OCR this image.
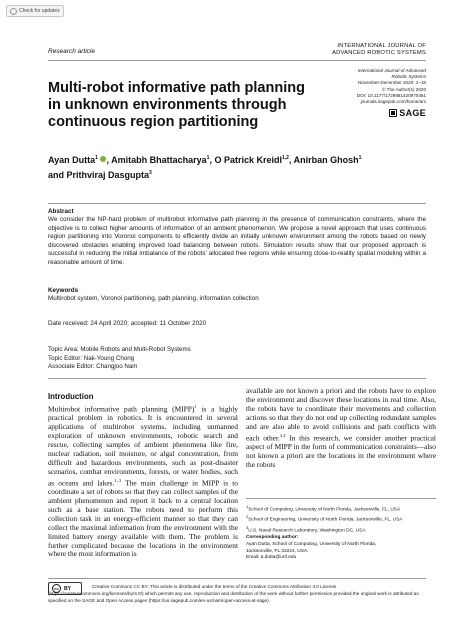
Check for updates
Research article
INTERNATIONAL JOURNAL OF
ADVANCED ROBOTIC SYSTEMS
International Journal of Advanced
Robotic Systems
November-December 2020: 1–18
© The Author(s) 2020
DOI: 10.1177/1729881420970461
journals.sagepub.com/home/arx
SAGE
Multi-robot informative path planning in unknown environments through continuous region partitioning
Ayan Dutta$^1$ , Amitabh Bhattacharya$^1$, O Patrick Kreidl$^{1,2}$, Anirban Ghosh$^1$ and Prithviraj Dasgupta$^3$
Abstract

We consider the NP-hard problem of multirobot informative path planning in the presence of communication constraints, where the objective is to collect higher amounts of information of an ambient phenomenon. We propose a novel approach that uses continuous region partitioning into Voronoi components to efficiently divide an initially unknown environment among the robots based on newly discovered obstacles enabling improved load balancing between robots. Simulation results show that our proposed approach is successful in reducing the initial imbalance of the robots' allocated free regions while ensuring close-to-reality spatial modeling within a reasonable amount of time.

Keywords

Multirobot system, Voronoi partitioning, path planning, information collection

Date received: 24 April 2020; accepted: 11 October 2020

Topic Area: Mobile Robots and Multi-Robot Systems
Topic Editor: Nak-Young Chong
Associate Editor: Changjoo Nam
Introduction

Multirobot informative path planning (MIPP)$^1$ is a highly practical problem in robotics. It is encountered in several applications of multirobot systems, including unmanned exploration of unknown environments, robotic search and rescue, collecting samples of ambient phenomena like fire, nuclear radiation, soil moisture, or algal concentration, from difficult and hazardous environments, such as post-disaster scenarios, combat environments, forests, or water bodies, such as oceans and lakes.$^{1-3}$ The main challenge in MIPP is to coordinate a set of robots so that they can collect samples of the ambient phenomenon and report it back to a central location such as a base station. The robots need to perform this collection task in an energy-efficient manner so that they can collect the maximal information from the environment with the limited battery energy available with them. The problem is further complicated because the locations in the environment where the most information is

available are not known a priori and the robots have to explore the environment and discover these locations in real time. Also, the robots have to coordinate their movements and collection actions so that they do not end up collecting redundant samples and are also able to avoid collisions and path conflicts with each other.$^{3,4}$ In this research, we consider another practical aspect of MIPP in the form of communication constraints—also not known a priori are the locations in the environment where the robots

$^1$School of Computing, University of North Florida, Jacksonville, FL, USA
$^2$School of Engineering, University of North Florida, Jacksonville, FL, USA
$^3$U.S. Naval Research Laboratory, Washington DC, USA
Corresponding author:
Ayan Dutta, School of Computing, University of North Florida,
Jacksonville, FL 32224, USA.
Email: a.dutta@unf.edu
cc	BY	Creative Commons CC BY: This article is distributed under the terms of the Creative Commons Attribution 4.0 License (https://creativecommons.org/licenses/by/4.0/) which permits any use, reproduction and distribution of the work without further permission provided the original work is attributed as specified on the SAGE and Open Access pages (https://us.sagepub.com/en-us/nam/open-access-at-sage).
